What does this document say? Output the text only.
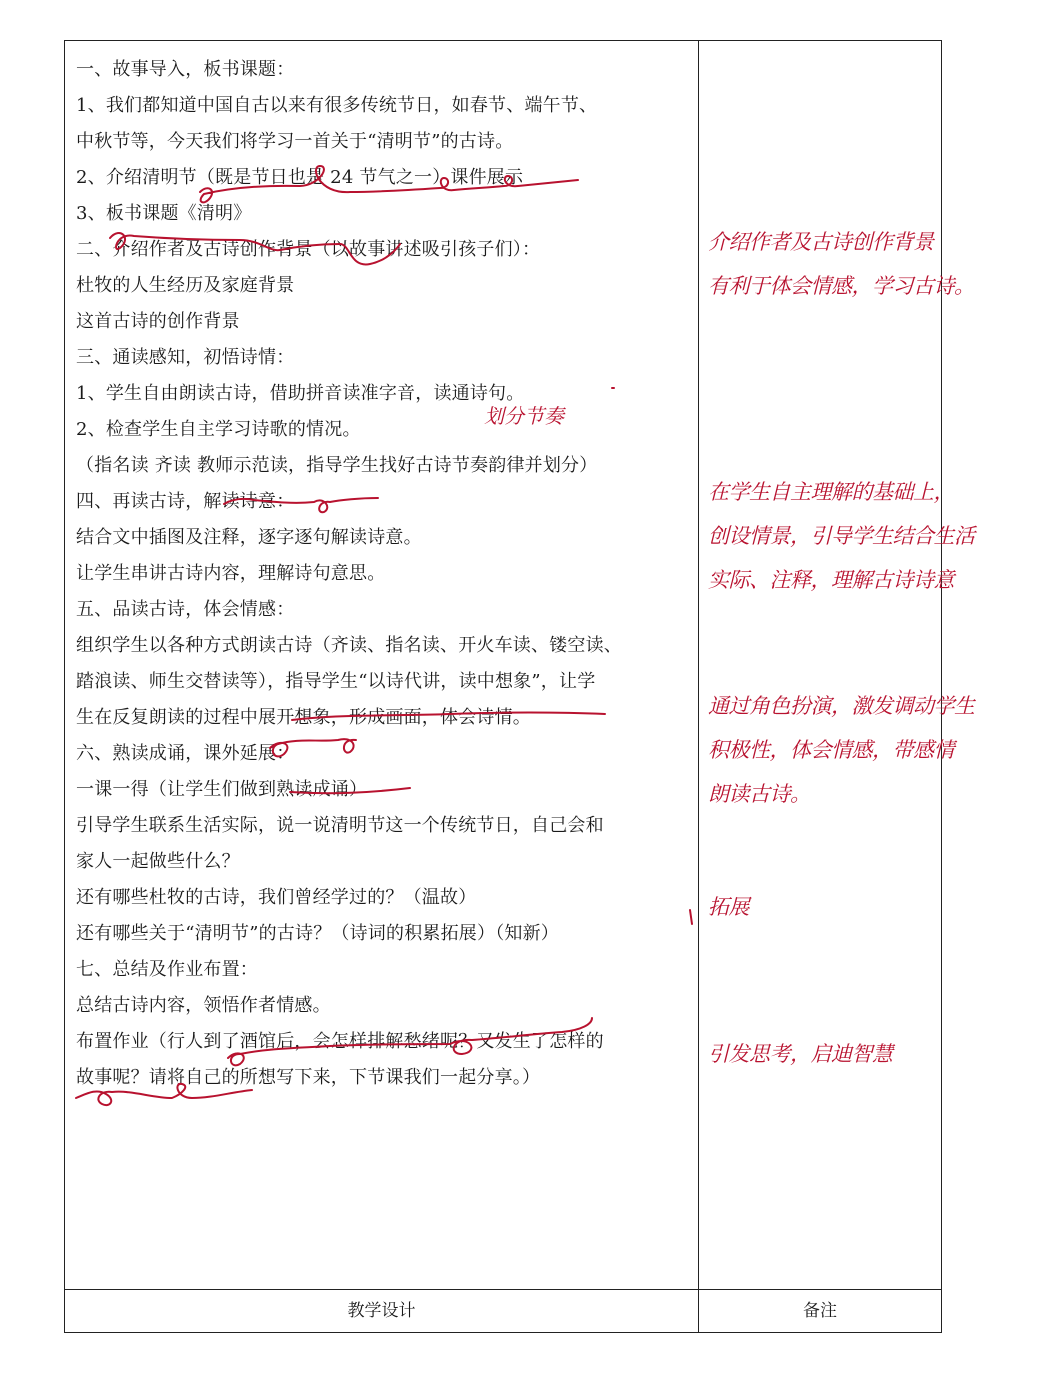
教学设计	备注
一、故事导入，板书课题：
1、我们都知道中国自古以来有很多传统节日，如春节、端午节、
中秋节等，今天我们将学习一首关于“清明节”的古诗。
2、介绍清明节（既是节日也是 24 节气之一）课件展示
3、板书课题《清明》
二、介绍作者及古诗创作背景（以故事讲述吸引孩子们）：
杜牧的人生经历及家庭背景
这首古诗的创作背景
三、通读感知，初悟诗情：
1、学生自由朗读古诗，借助拼音读准字音，读通诗句。
2、检查学生自主学习诗歌的情况。
（指名读 齐读 教师示范读，指导学生找好古诗节奏韵律并划分）
四、再读古诗，解读诗意：
结合文中插图及注释，逐字逐句解读诗意。
让学生串讲古诗内容，理解诗句意思。
五、品读古诗，体会情感：
组织学生以各种方式朗读古诗（齐读、指名读、开火车读、镂空读、
踏浪读、师生交替读等），指导学生“以诗代讲，读中想象”，让学
生在反复朗读的过程中展开想象，形成画面，体会诗情。
六、熟读成诵，课外延展：
一课一得（让学生们做到熟读成诵）
引导学生联系生活实际，说一说清明节这一个传统节日，自己会和
家人一起做些什么？
还有哪些杜牧的古诗，我们曾经学过的？（温故）
还有哪些关于“清明节”的古诗？（诗词的积累拓展）（知新）
七、总结及作业布置：
总结古诗内容，领悟作者情感。
布置作业（行人到了酒馆后，会怎样排解愁绪呢？又发生了怎样的
故事呢？请将自己的所想写下来，下节课我们一起分享。）
划分节奏
介绍作者及古诗创作背景
有利于体会情感，学习古诗。
在学生自主理解的基础上，
创设情景，引导学生结合生活
实际、注释，理解古诗诗意
通过角色扮演，激发调动学生
积极性，体会情感，带感情
朗读古诗。
拓展
引发思考，启迪智慧
